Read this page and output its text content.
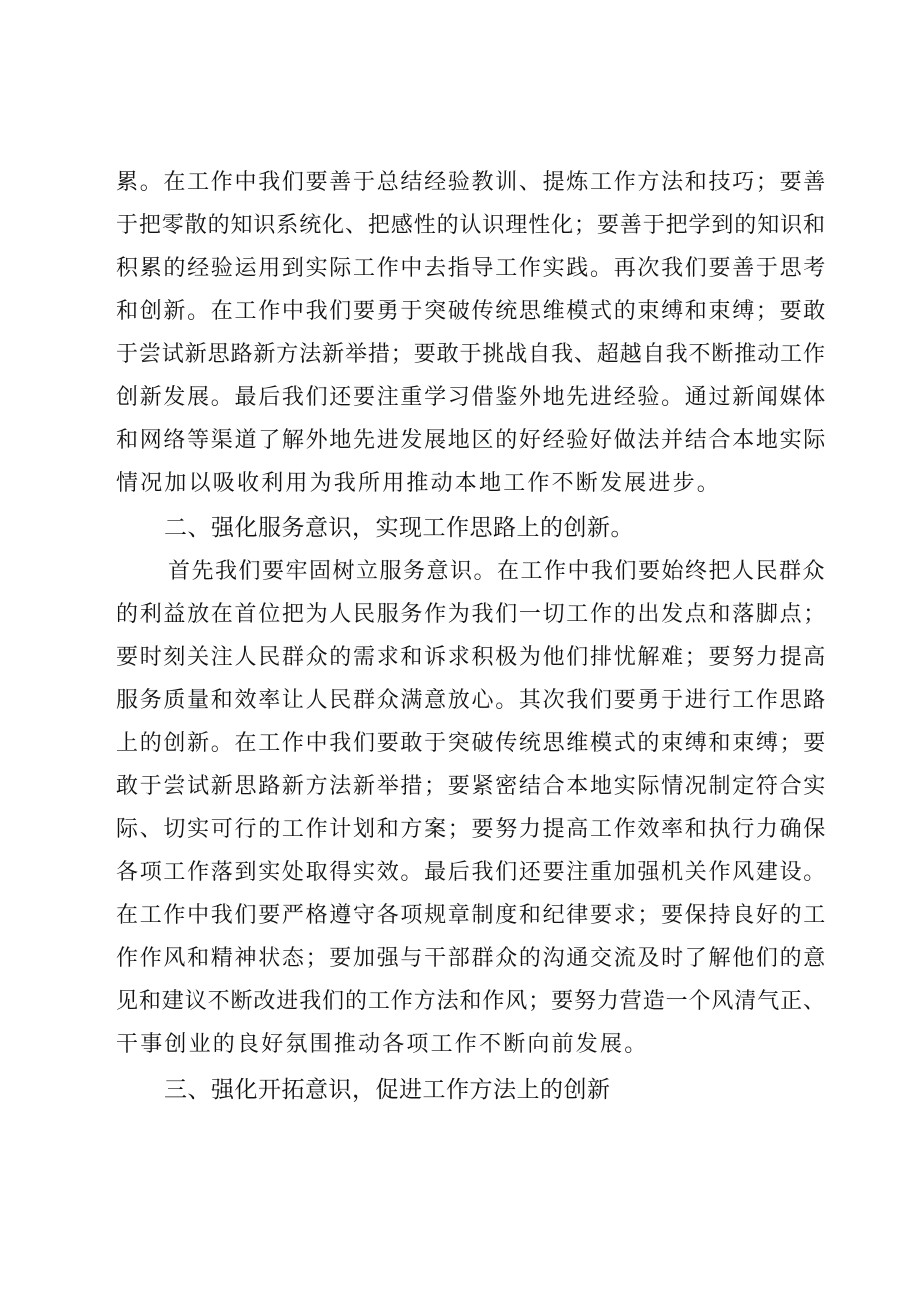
累。在工作中我们要善于总结经验教训、提炼工作方法和技巧；要善
于把零散的知识系统化、把感性的认识理性化；要善于把学到的知识和
积累的经验运用到实际工作中去指导工作实践。再次我们要善于思考
和创新。在工作中我们要勇于突破传统思维模式的束缚和束缚；要敢
于尝试新思路新方法新举措；要敢于挑战自我、超越自我不断推动工作
创新发展。最后我们还要注重学习借鉴外地先进经验。通过新闻媒体
和网络等渠道了解外地先进发展地区的好经验好做法并结合本地实际
情况加以吸收利用为我所用推动本地工作不断发展进步。
二、强化服务意识，实现工作思路上的创新。
首先我们要牢固树立服务意识。在工作中我们要始终把人民群众
的利益放在首位把为人民服务作为我们一切工作的出发点和落脚点；
要时刻关注人民群众的需求和诉求积极为他们排忧解难；要努力提高
服务质量和效率让人民群众满意放心。其次我们要勇于进行工作思路
上的创新。在工作中我们要敢于突破传统思维模式的束缚和束缚；要
敢于尝试新思路新方法新举措；要紧密结合本地实际情况制定符合实
际、切实可行的工作计划和方案；要努力提高工作效率和执行力确保
各项工作落到实处取得实效。最后我们还要注重加强机关作风建设。
在工作中我们要严格遵守各项规章制度和纪律要求；要保持良好的工
作作风和精神状态；要加强与干部群众的沟通交流及时了解他们的意
见和建议不断改进我们的工作方法和作风；要努力营造一个风清气正、
干事创业的良好氛围推动各项工作不断向前发展。
三、强化开拓意识，促进工作方法上的创新
